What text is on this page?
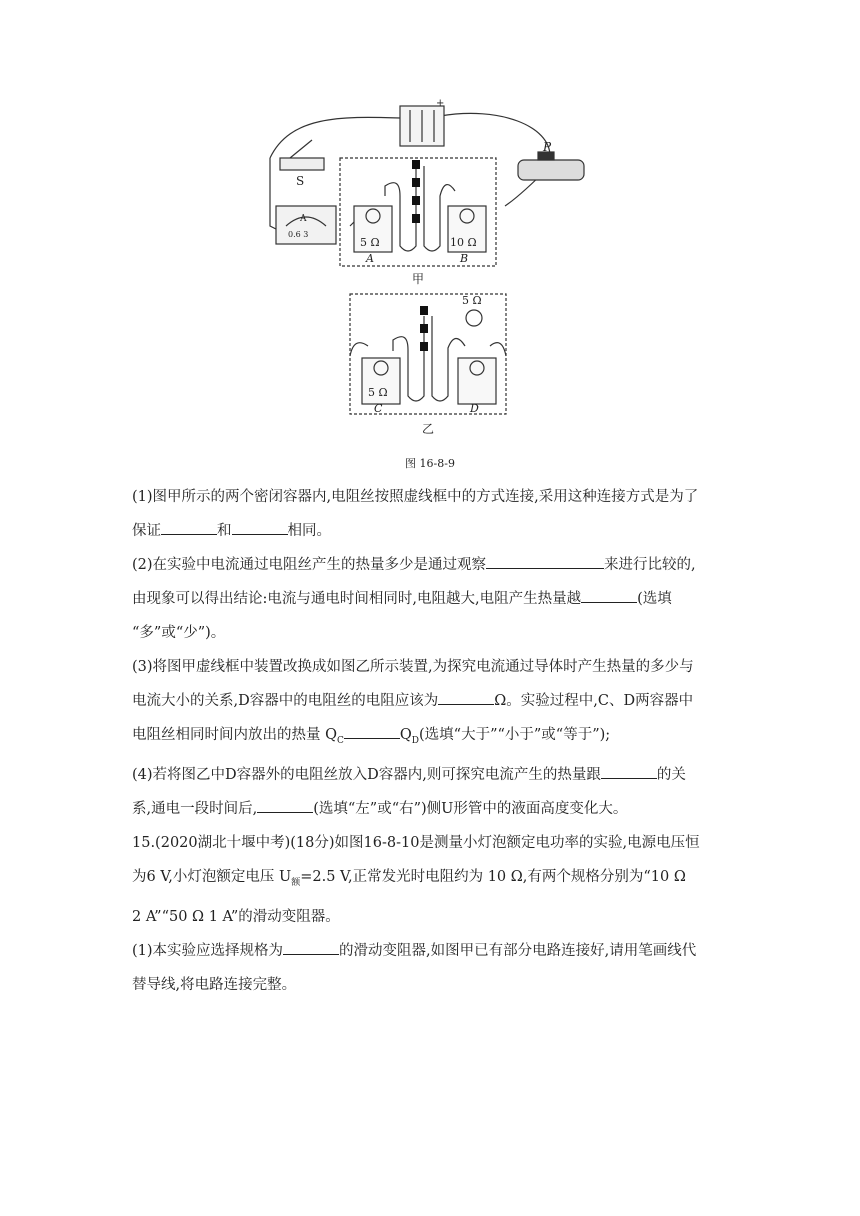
S
P
+
A
0.6 3
5 Ω	10 Ω
A	B
甲
5 Ω
5 Ω
C	D
乙
图 16-8-9

(1)图甲所示的两个密闭容器内,电阻丝按照虚线框中的方式连接,采用这种连接方式是为了

保证	和	相同。

(2)在实验中电流通过电阻丝产生的热量多少是通过观察	来进行比较的,

由现象可以得出结论:电流与通电时间相同时,电阻越大,电阻产生热量越	(选填

“多”或“少”)。

(3)将图甲虚线框中装置改换成如图乙所示装置,为探究电流通过导体时产生热量的多少与

电流大小的关系,D容器中的电阻丝的电阻应该为	Ω。实验过程中,C、D两容器中

电阻丝相同时间内放出的热量 $Q_C$	$Q_D$(选填“大于”“小于”或“等于”);

(4)若将图乙中D容器外的电阻丝放入D容器内,则可探究电流产生的热量跟	的关

系,通电一段时间后,	(选填“左”或“右”)侧U形管中的液面高度变化大。

15.(2020湖北十堰中考)(18分)如图16-8-10是测量小灯泡额定电功率的实验,电源电压恒

为6 V,小灯泡额定电压 $U_额=2.5$ V,正常发光时电阻约为 10 Ω,有两个规格分别为“10 Ω

2 A”“50 Ω 1 A”的滑动变阻器。

(1)本实验应选择规格为	的滑动变阻器,如图甲已有部分电路连接好,请用笔画线代

替导线,将电路连接完整。
